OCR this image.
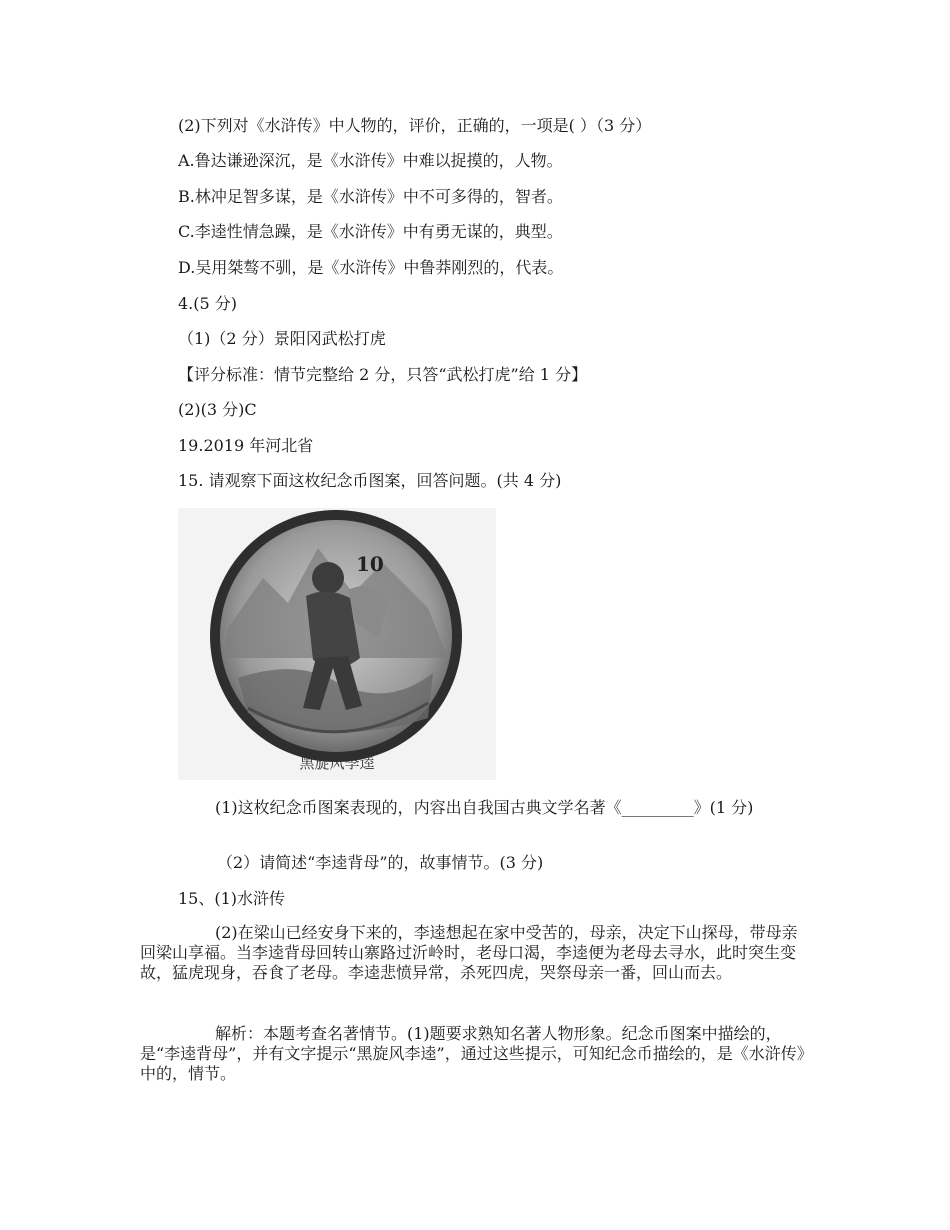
(2)下列对《水浒传》中人物的，评价，正确的，一项是( ）（3 分）

A.鲁达谦逊深沉，是《水浒传》中难以捉摸的，人物。

B.林冲足智多谋，是《水浒传》中不可多得的，智者。

C.李逵性情急躁，是《水浒传》中有勇无谋的，典型。

D.吴用桀骜不驯，是《水浒传》中鲁莽刚烈的，代表。

4.(5 分)

（1)（2 分）景阳冈武松打虎

【评分标准：情节完整给 2 分，只答“武松打虎”给 1 分】

(2)(3 分)C

19.2019 年河北省

15. 请观察下面这枚纪念币图案，回答问题。(共 4 分)

10
黑旋风李逵

(1)这枚纪念币图案表现的，内容出自我国古典文学名著《_________》(1 分)

（2）请简述“李逵背母”的，故事情节。(3 分)

15、(1)水浒传

(2)在梁山已经安身下来的，李逵想起在家中受苦的，母亲，决定下山探母，带母亲回梁山享福。当李逵背母回转山寨路过沂岭时，老母口渴，李逵便为老母去寻水，此时突生变故，猛虎现身，吞食了老母。李逵悲愤异常，杀死四虎，哭祭母亲一番，回山而去。

解析：本题考查名著情节。(1)题要求熟知名著人物形象。纪念币图案中描绘的，是“李逵背母”，并有文字提示“黑旋风李逵”，通过这些提示，可知纪念币描绘的，是《水浒传》中的，情节。
